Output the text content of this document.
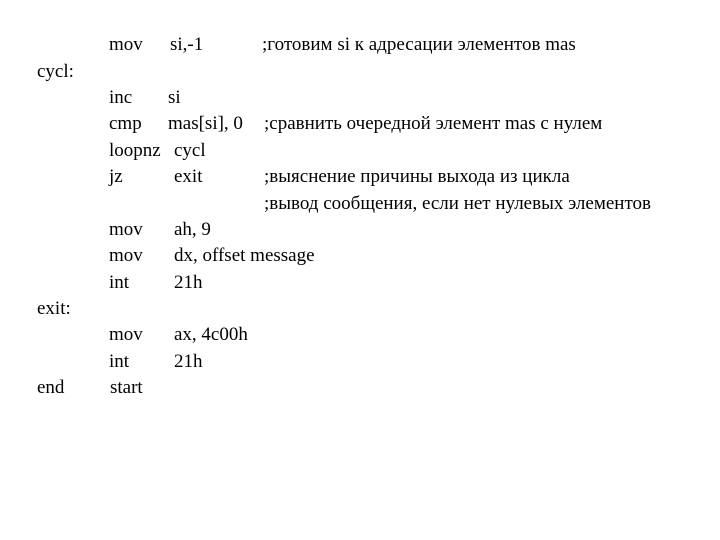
mov si,-1	;готовим si к адресации элементов mas
cycl:
inc si
cmp mas[si], 0 ;сравнить очередной элемент mas с нулем
loopnz cycl
jz	exit	;выяснение причины выхода из цикла
;вывод сообщения, если нет нулевых элементов
mov ah, 9
mov dx, offset message
int 21h
exit:
mov ax, 4c00h
int 21h
end start
